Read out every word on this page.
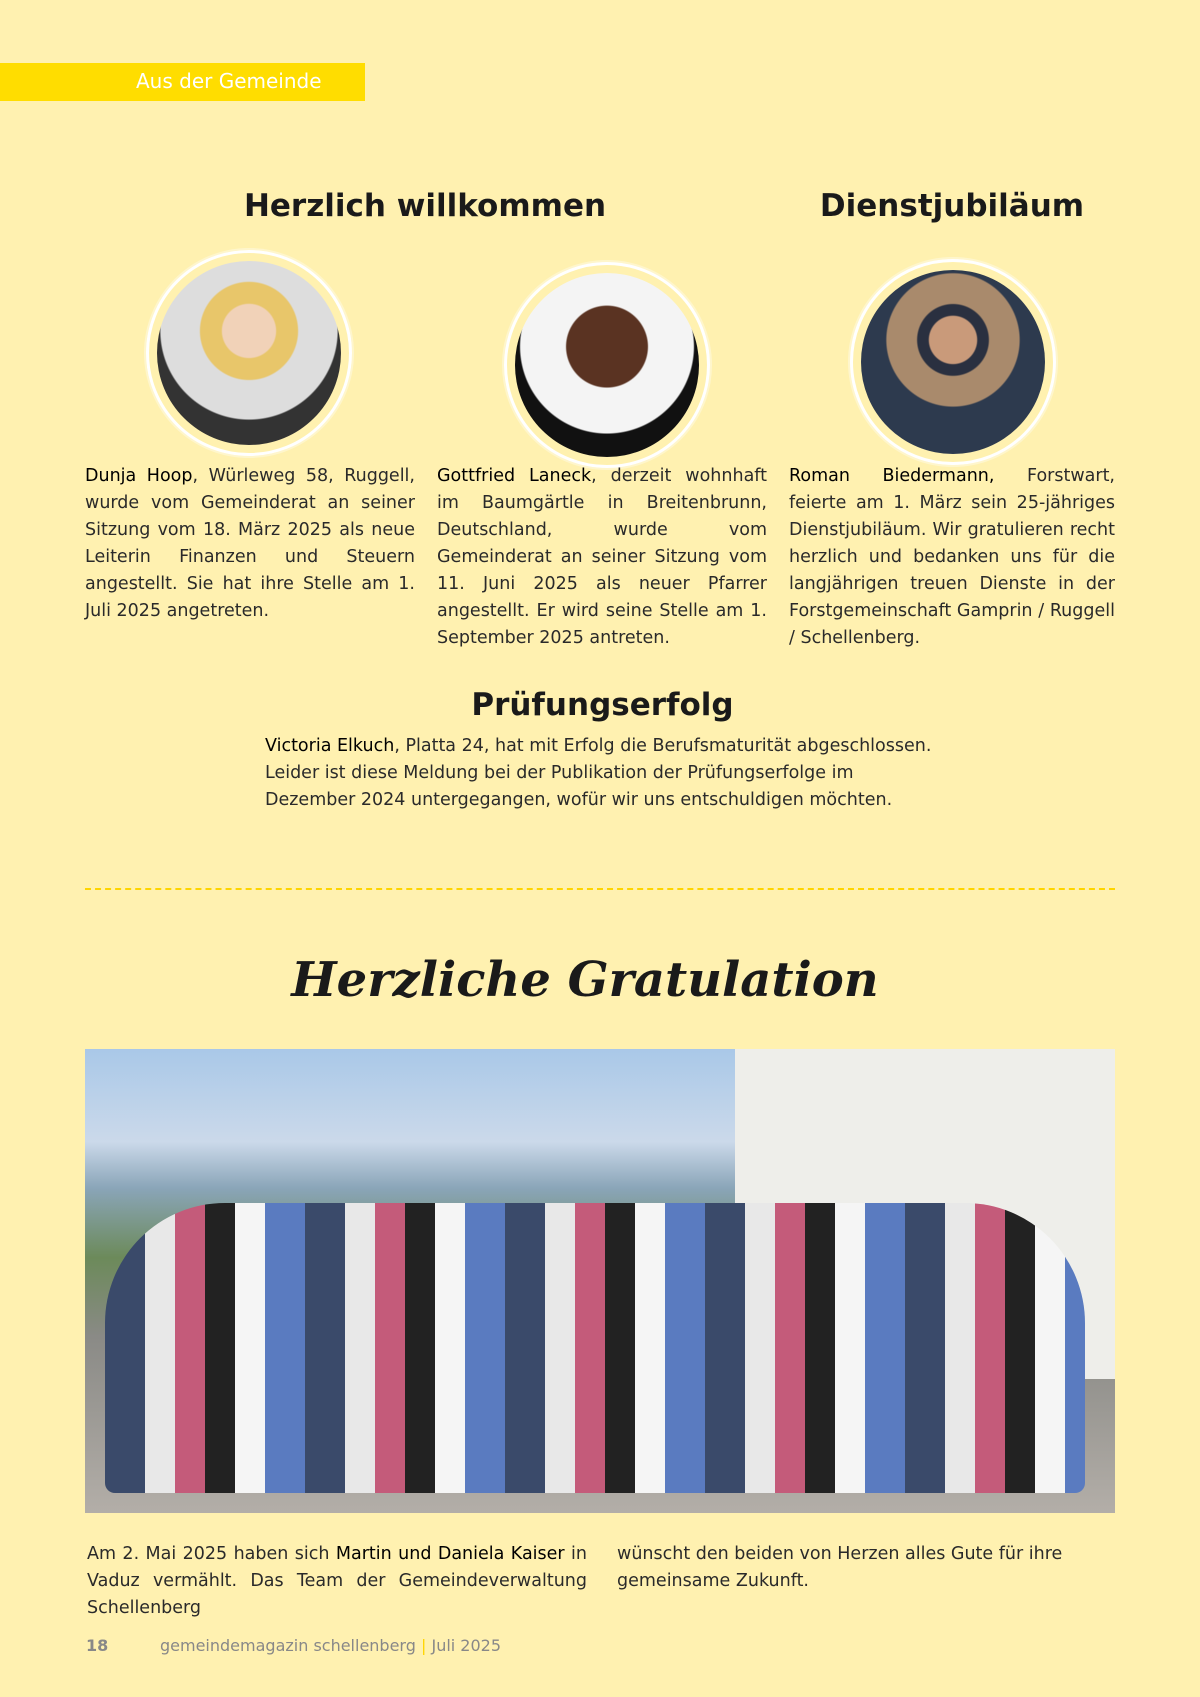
Aus der Gemeinde
Herzlich willkommen	Dienstjubiläum
Dunja Hoop, Würleweg 58, Ruggell, wurde vom Gemeinderat an seiner Sitzung vom 18. März 2025 als neue Leiterin Finanzen und Steuern angestellt. Sie hat ihre Stelle am 1. Juli 2025 angetreten.
Gottfried Laneck, derzeit wohnhaft im Baumgärtle in Breitenbrunn, Deutschland, wurde vom Gemeinderat an seiner Sitzung vom 11. Juni 2025 als neuer Pfarrer angestellt. Er wird seine Stelle am 1. September 2025 antreten.
Roman Biedermann, Forstwart, feierte am 1. März sein 25-jähriges Dienstjubiläum. Wir gratulieren recht herzlich und bedanken uns für die langjährigen treuen Dienste in der Forstgemeinschaft Gamprin / Ruggell / Schellenberg.
Prüfungserfolg
Victoria Elkuch, Platta 24, hat mit Erfolg die Berufsmaturität abgeschlossen. Leider ist diese Meldung bei der Publikation der Prüfungserfolge im Dezember 2024 untergegangen, wofür wir uns entschuldigen möchten.
Herzliche Gratulation
Am 2. Mai 2025 haben sich Martin und Daniela Kaiser in Vaduz vermählt. Das Team der Gemeindeverwaltung Schellenberg
wünscht den beiden von Herzen alles Gute für ihre gemeinsame Zukunft.
18	gemeindemagazin schellenberg | Juli 2025
